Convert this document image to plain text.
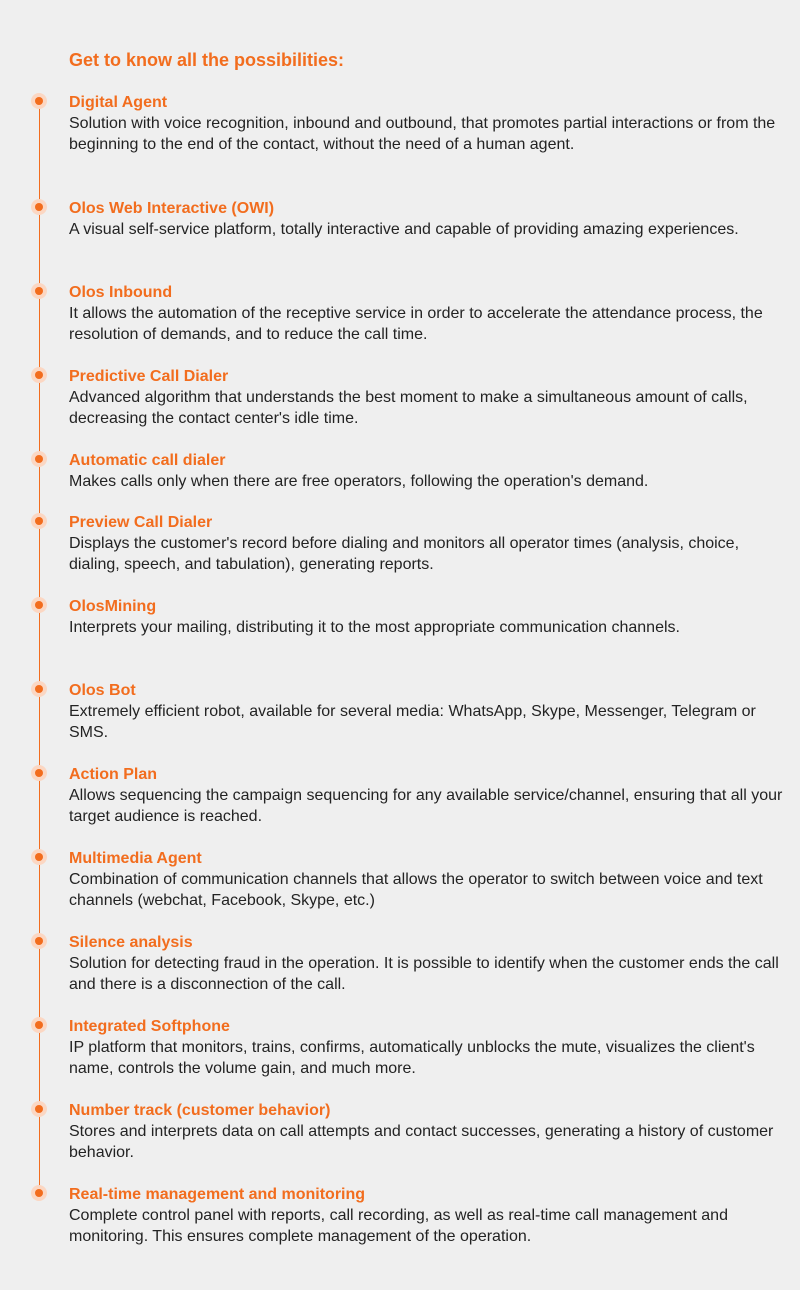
Get to know all the possibilities:
Digital Agent

Solution with voice recognition, inbound and outbound, that promotes partial interactions or from the beginning to the end of the contact, without the need of a human agent.

Olos Web Interactive (OWI)

A visual self-service platform, totally interactive and capable of providing amazing experiences.

Olos Inbound

It allows the automation of the receptive service in order to accelerate the attendance process, the resolution of demands, and to reduce the call time.

Predictive Call Dialer

Advanced algorithm that understands the best moment to make a simultaneous amount of calls, decreasing the contact center's idle time.

Automatic call dialer

Makes calls only when there are free operators, following the operation's demand.

Preview Call Dialer

Displays the customer's record before dialing and monitors all operator times (analysis, choice, dialing, speech, and tabulation), generating reports.

OlosMining

Interprets your mailing, distributing it to the most appropriate communication channels.

Olos Bot

Extremely efficient robot, available for several media: WhatsApp, Skype, Messenger, Telegram or SMS.

Action Plan

Allows sequencing the campaign sequencing for any available service/channel, ensuring that all your target audience is reached.

Multimedia Agent

Combination of communication channels that allows the operator to switch between voice and text channels (webchat, Facebook, Skype, etc.)

Silence analysis

Solution for detecting fraud in the operation. It is possible to identify when the customer ends the call and there is a disconnection of the call.

Integrated Softphone

IP platform that monitors, trains, confirms, automatically unblocks the mute, visualizes the client's name, controls the volume gain, and much more.

Number track (customer behavior)

Stores and interprets data on call attempts and contact successes, generating a history of customer behavior.

Real-time management and monitoring

Complete control panel with reports, call recording, as well as real-time call management and monitoring. This ensures complete management of the operation.
